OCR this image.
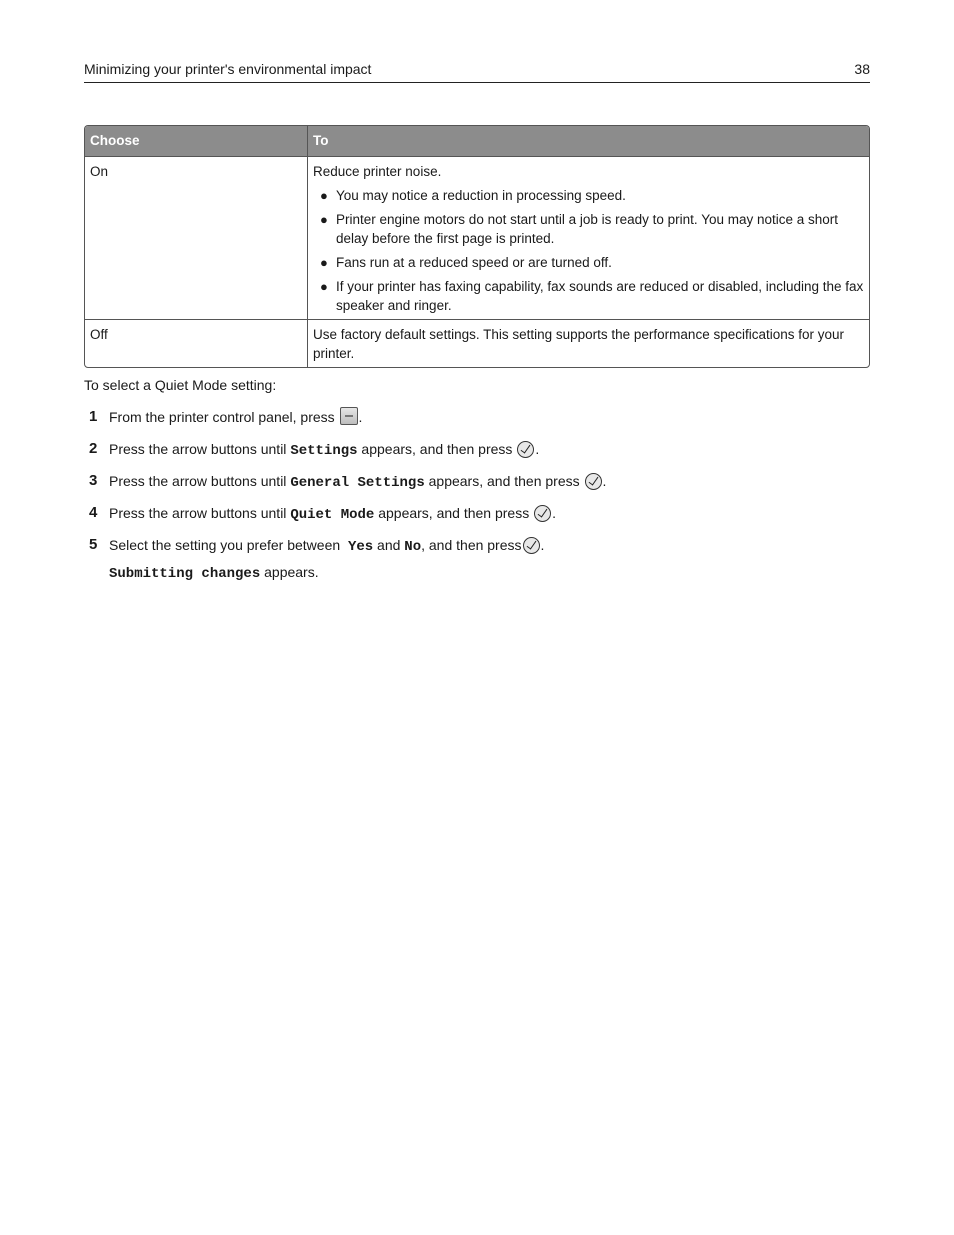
Minimizing your printer's environmental impact	38
Choose	To
On	Reduce printer noise.
● You may notice a reduction in processing speed.
● Printer engine motors do not start until a job is ready to print. You may notice a short delay before the first page is printed.
● Fans run at a reduced speed or are turned off.
● If your printer has faxing capability, fax sounds are reduced or disabled, including the fax speaker and ringer.
Off	Use factory default settings. This setting supports the performance specifications for your printer.
To select a Quiet Mode setting:
1 From the printer control panel, press .
2 Press the arrow buttons until Settings appears, and then press .
3 Press the arrow buttons until General Settings appears, and then press .
4 Press the arrow buttons until Quiet Mode appears, and then press .
5 Select the setting you prefer between Yes and No, and then press .
Submitting changes appears.
